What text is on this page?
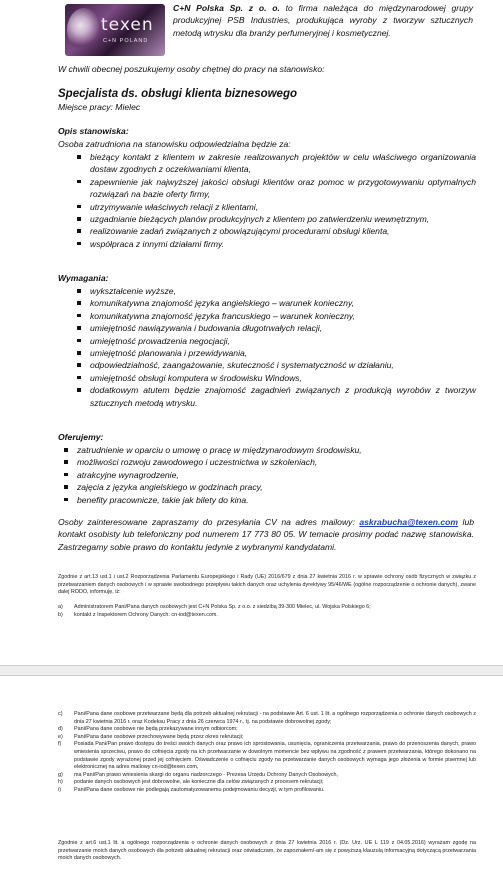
texen
C+N POLAND
C+N Polska Sp. z o. o. to firma należąca do międzynarodowej grupy produkcyjnej PSB Industries, produkująca wyroby z tworzyw sztucznych metodą wtrysku dla branży perfumeryjnej i kosmetycznej.
W chwili obecnej poszukujemy osoby chętnej do pracy na stanowisko:
Specjalista ds. obsługi klienta biznesowego
Miejsce pracy: Mielec
Opis stanowiska:
Osoba zatrudniona na stanowisku odpowiedzialna będzie za:
bieżący kontakt z klientem w zakresie realizowanych projektów w celu właściwego organizowania dostaw zgodnych z oczekiwaniami klienta,
zapewnienie jak najwyższej jakości obsługi klientów oraz pomoc w przygotowywaniu optymalnych rozwiązań na bazie oferty firmy,
utrzymywanie właściwych relacji z klientami,
uzgadnianie bieżących planów produkcyjnych z klientem po zatwierdzeniu wewnętrznym,
realizowanie zadań związanych z obowiązującymi procedurami obsługi klienta,
współpraca z innymi działami firmy.
Wymagania:
wykształcenie wyższe,
komunikatywna znajomość języka angielskiego – warunek konieczny,
komunikatywna znajomość języka francuskiego – warunek konieczny,
umiejętność nawiązywania i budowania długotrwałych relacji,
umiejętność prowadzenia negocjacji,
umiejętność planowania i przewidywania,
odpowiedzialność, zaangażowanie, skuteczność i systematyczność w działaniu,
umiejętność obsługi komputera w środowisku Windows,
dodatkowym atutem będzie znajomość zagadnień związanych z produkcją wyrobów z tworzyw sztucznych metodą wtrysku.
Oferujemy:
zatrudnienie w oparciu o umowę o pracę w międzynarodowym środowisku,
możliwości rozwoju zawodowego i uczestnictwa w szkoleniach,
atrakcyjne wynagrodzenie,
zajęcia z języka angielskiego w godzinach pracy,
benefity pracownicze, takie jak bilety do kina.
Osoby zainteresowane zapraszamy do przesyłania CV na adres mailowy: askrabucha@texen.com lub kontakt osobisty lub telefoniczny pod numerem 17 773 80 05. W temacie prosimy podać nazwę stanowiska. Zastrzegamy sobie prawo do kontaktu jedynie z wybranymi kandydatami.
Zgodnie z art.13 ust.1 i ust.2 Rozporządzenia Parlamentu Europejskiego i Rady (UE) 2016/679 z dnia 27 kwietnia 2016 r. w sprawie ochrony osób fizycznych w związku z przetwarzaniem danych osobowych i w sprawie swobodnego przepływu takich danych oraz uchylenia dyrektywy 95/46/WE (ogólne rozporządzenie o ochronie danych), zwane dalej RODO, informuję, iż:
a) Administratorem Pani/Pana danych osobowych jest C+N Polska Sp. z o.o. z siedzibą 39-300 Mielec, ul. Wojska Polskiego 6;
b) kontakt z Inspektorem Ochrony Danych: cn-iod@texen.com.
c) Pani/Pana dane osobowe przetwarzane będą dla potrzeb aktualnej rekrutacji - na podstawie Art. 6 ust. 1 lit. a ogólnego rozporządzenia o ochronie danych osobowych z dnia 27 kwietnia 2016 r. oraz Kodeksu Pracy z dnia 26 czerwca 1974 r., tj. na podstawie dobrowolnej zgody;
d) Pani/Pana dane osobowe nie będą przekazywane innym odbiorcom;
e) Pani/Pana dane osobowe przechowywane będą przez okres rekrutacji;
f) Posiada Pani/Pan prawo dostępu do treści swoich danych oraz prawo ich sprostowania, usunięcia, ograniczenia przetwarzania, prawo do przenoszenia danych, prawo wniesienia sprzeciwu, prawo do cofnięcia zgody na ich przetwarzanie w dowolnym momencie bez wpływu na zgodność z prawem przetwarzania, którego dokonano na podstawie zgody wyrażonej przed jej cofnięciem. Oświadczenie o cofnięciu zgody na przetwarzanie danych osobowych wymaga jego złożenia w formie pisemnej lub elektronicznej na adres mailowy cn-iod@texen.com,
g) ma Pani/Pan prawo wniesienia skargi do organu nadzorczego - Prezesa Urzędu Ochrony Danych Osobowych,
h) podanie danych osobowych jest dobrowolne, ale konieczne dla celów związanych z procesem rekrutacji;
i) Pani/Pana dane osobowe nie podlegają zautomatyzowanemu podejmowaniu decyzji, w tym profilowaniu.
Zgodnie z art.6 ust.1 lit. a ogólnego rozporządzenia o ochronie danych osobowych z dnia 27 kwietnia 2016 r. (Dz. Urz. UE L 119 z 04.05.2016) wyrażam zgodę na przetwarzanie moich danych osobowych dla potrzeb aktualnej rekrutacji oraz oświadczam, że zapoznałem/-am się z powyższą klauzulą informacyjną dotyczącą przetwarzania moich danych osobowych.
